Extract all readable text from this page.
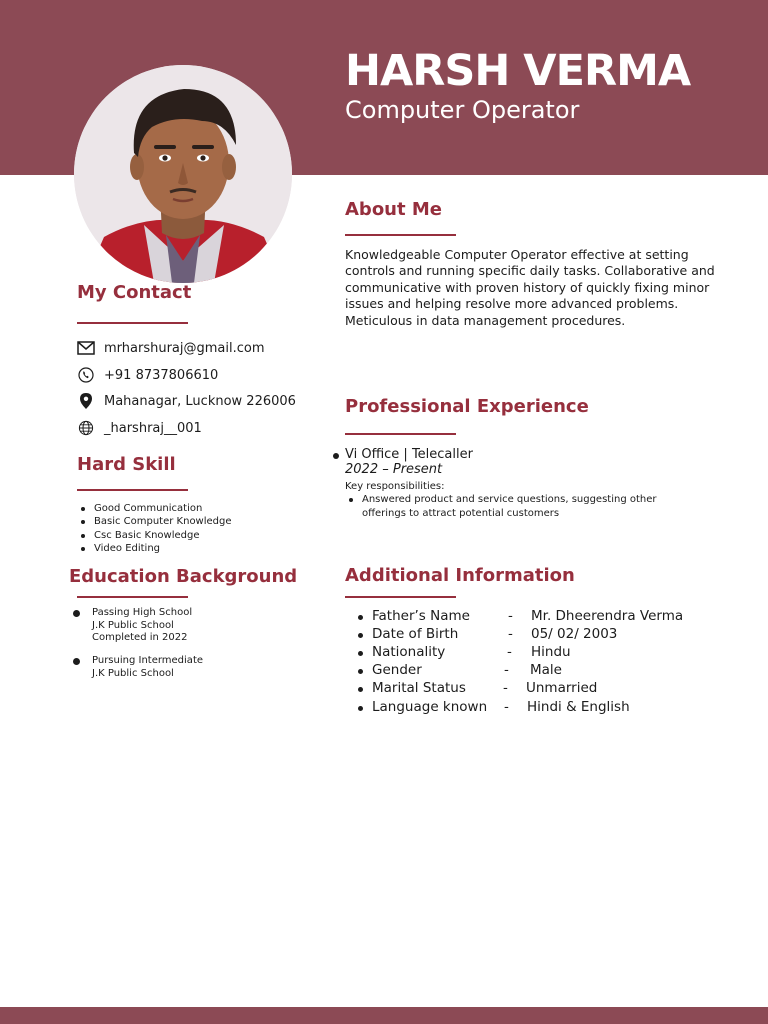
HARSH VERMA
Computer Operator
My Contact
mrharshuraj@gmail.com
+91 8737806610
Mahanagar, Lucknow 226006
_harshraj__001
Hard Skill
Good Communication
Basic Computer Knowledge
Csc Basic Knowledge
Video Editing
Education Background
Passing High School
J.K Public School
Completed in 2022
Pursuing Intermediate
J.K Public School
About Me
Knowledgeable Computer Operator effective at setting controls and running specific daily tasks. Collaborative and communicative with proven history of quickly fixing minor issues and helping resolve more advanced problems. Meticulous in data management procedures.
Professional Experience
Vi Office | Telecaller
2022 – Present
Key responsibilities:
Answered product and service questions, suggesting other offerings to attract potential customers
Additional Information
Father’s Name	- Mr. Dheerendra Verma
Date of Birth	- 05/ 02/ 2003
Nationality	- Hindu
Gender	- Male
Marital Status	- Unmarried
Language known - Hindi & English
